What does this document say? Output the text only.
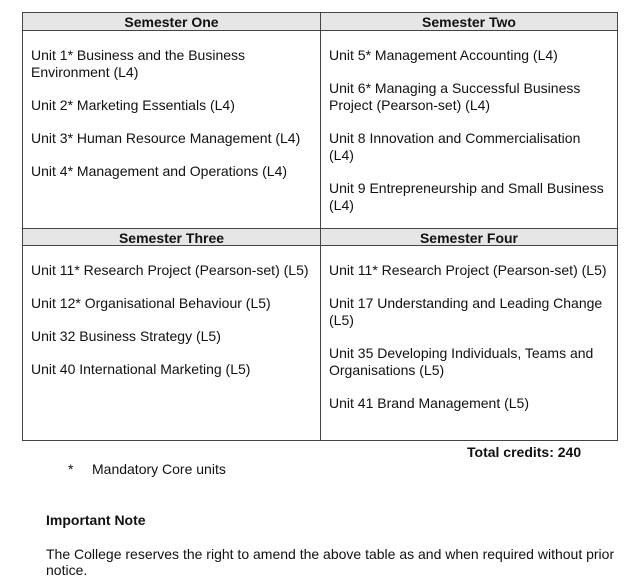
Semester One	Semester Two
Unit 1* Business and the Business Environment (L4)
Unit 2* Marketing Essentials (L4)
Unit 3* Human Resource Management (L4)
Unit 4* Management and Operations (L4)
Unit 5* Management Accounting (L4)
Unit 6* Managing a Successful Business Project (Pearson-set) (L4)
Unit 8 Innovation and Commercialisation (L4)
Unit 9 Entrepreneurship and Small Business (L4)
Semester Three	Semester Four
Unit 11* Research Project (Pearson-set) (L5)
Unit 12* Organisational Behaviour (L5)
Unit 32 Business Strategy (L5)
Unit 40 International Marketing (L5)
Unit 11* Research Project (Pearson-set) (L5)
Unit 17 Understanding and Leading Change (L5)
Unit 35 Developing Individuals, Teams and Organisations (L5)
Unit 41 Brand Management (L5)
Total credits: 240
* Mandatory Core units
Important Note
The College reserves the right to amend the above table as and when required without prior notice.
